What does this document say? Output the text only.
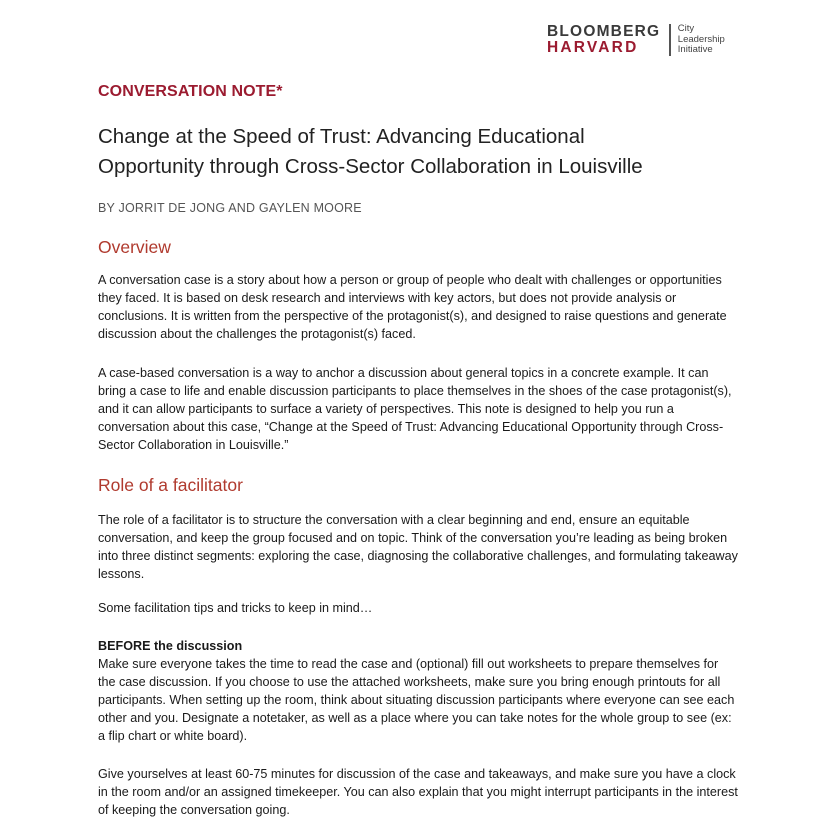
BLOOMBERG
HARVARD
City
Leadership
Initiative
CONVERSATION NOTE*
Change at the Speed of Trust: Advancing Educational
Opportunity through Cross-Sector Collaboration in Louisville
BY JORRIT DE JONG AND GAYLEN MOORE
Overview
A conversation case is a story about how a person or group of people who dealt with challenges or opportunities they faced. It is based on desk research and interviews with key actors, but does not provide analysis or conclusions. It is written from the perspective of the protagonist(s), and designed to raise questions and generate discussion about the challenges the protagonist(s) faced.
A case-based conversation is a way to anchor a discussion about general topics in a concrete example. It can bring a case to life and enable discussion participants to place themselves in the shoes of the case protagonist(s), and it can allow participants to surface a variety of perspectives. This note is designed to help you run a conversation about this case, “Change at the Speed of Trust: Advancing Educational Opportunity through Cross-Sector Collaboration in Louisville.”
Role of a facilitator
The role of a facilitator is to structure the conversation with a clear beginning and end, ensure an equitable conversation, and keep the group focused and on topic. Think of the conversation you’re leading as being broken into three distinct segments: exploring the case, diagnosing the collaborative challenges, and formulating takeaway lessons.
Some facilitation tips and tricks to keep in mind…
BEFORE the discussion
Make sure everyone takes the time to read the case and (optional) fill out worksheets to prepare themselves for the case discussion. If you choose to use the attached worksheets, make sure you bring enough printouts for all participants. When setting up the room, think about situating discussion participants where everyone can see each other and you. Designate a notetaker, as well as a place where you can take notes for the whole group to see (ex: a flip chart or white board).
Give yourselves at least 60-75 minutes for discussion of the case and takeaways, and make sure you have a clock in the room and/or an assigned timekeeper. You can also explain that you might interrupt participants in the interest of keeping the conversation going.
